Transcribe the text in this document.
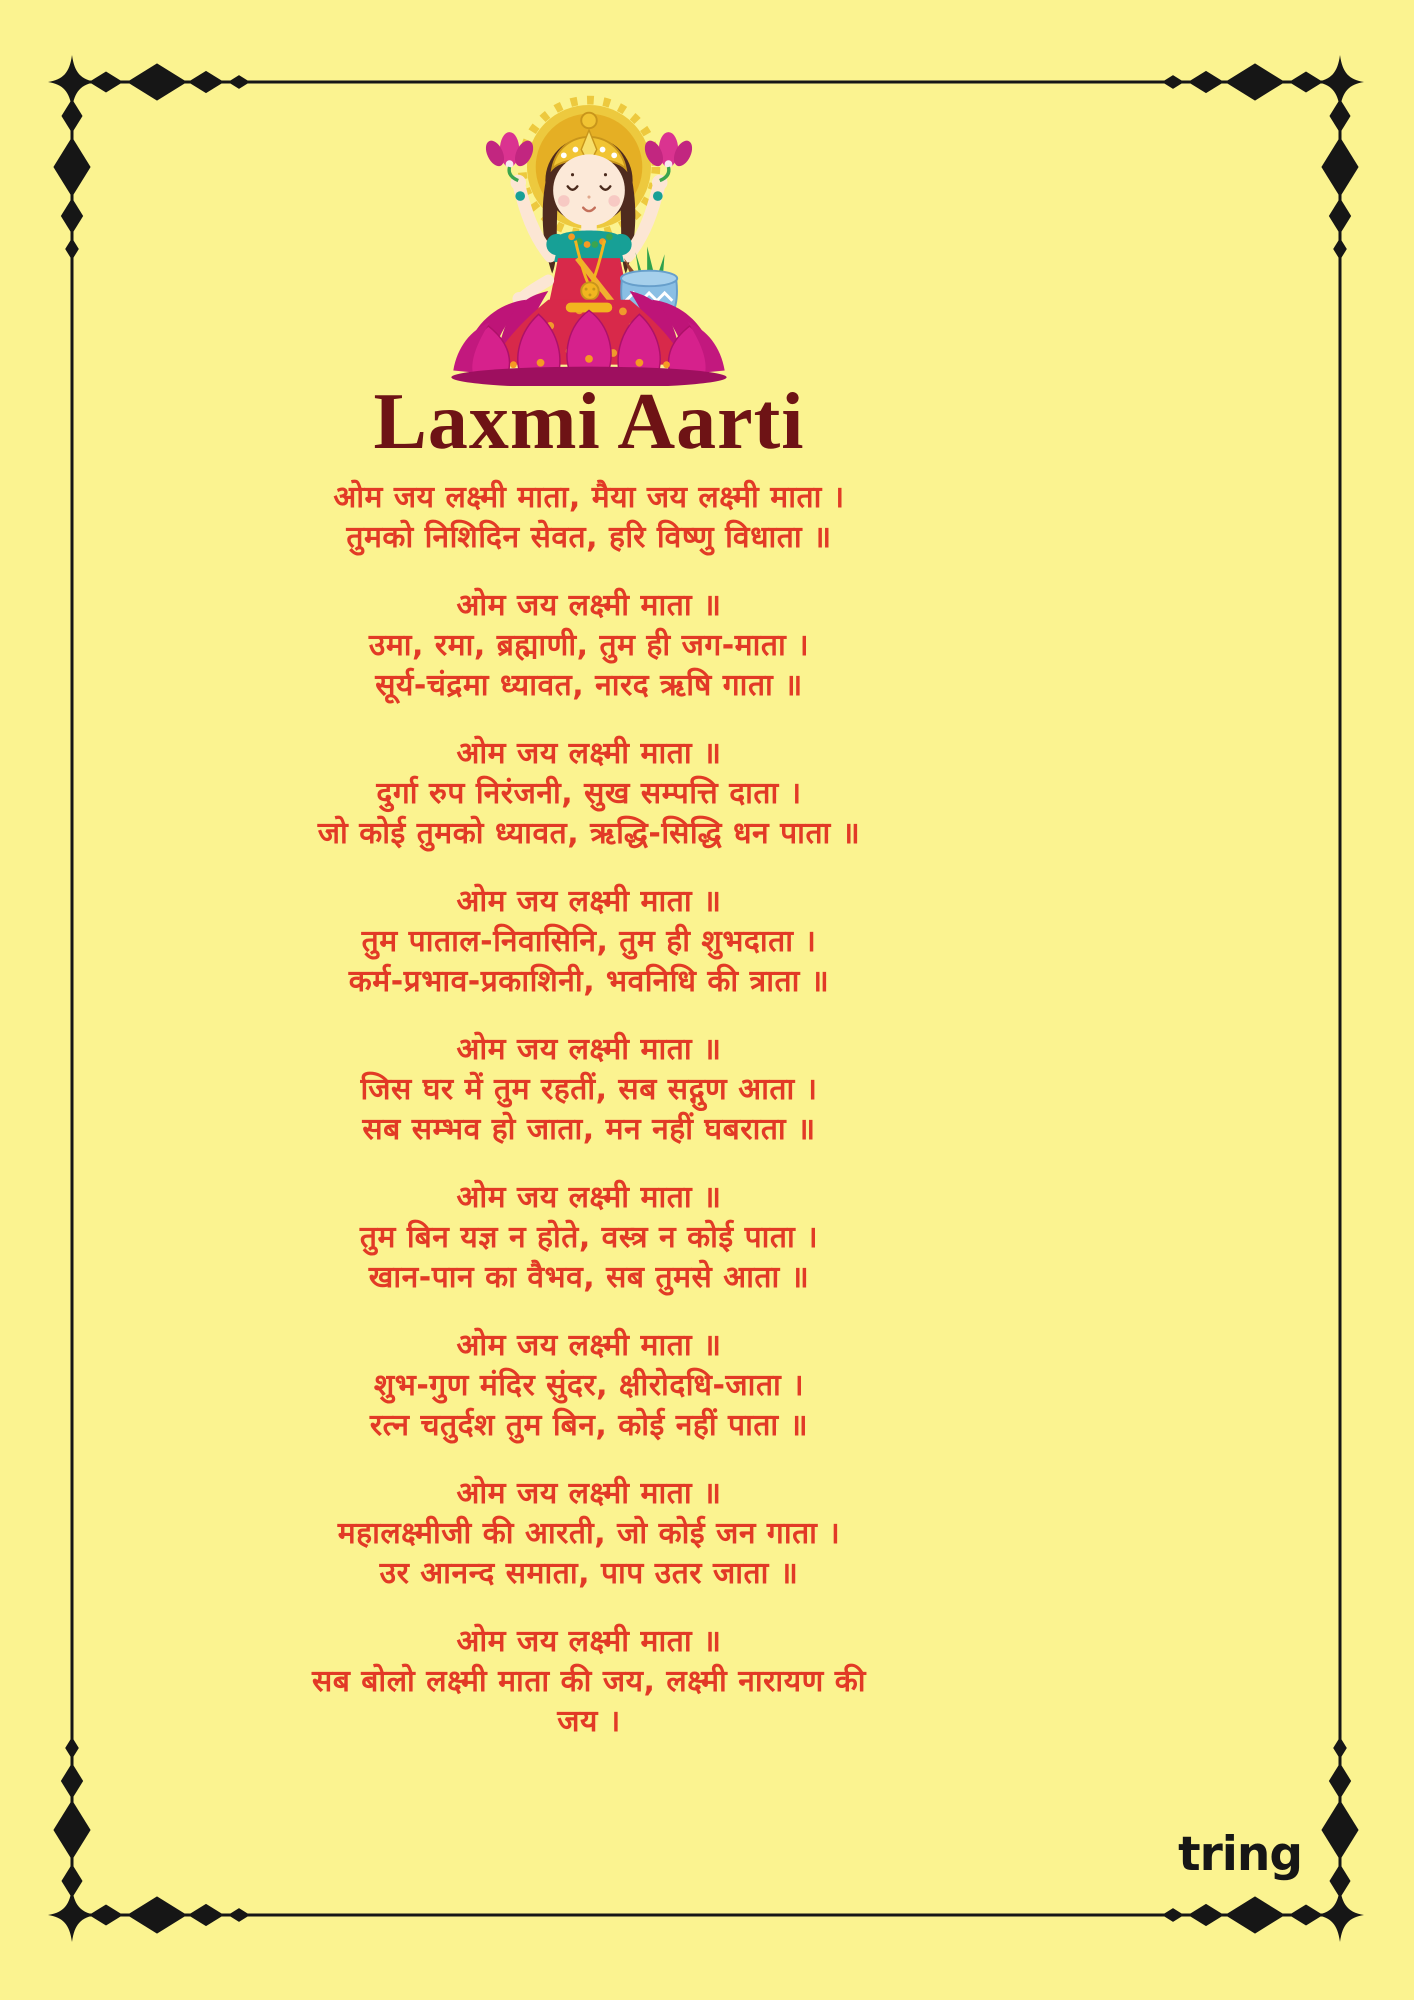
Laxmi Aarti
ओम जय लक्ष्मी माता, मैया जय लक्ष्मी माता ।
तुमको निशिदिन सेवत, हरि विष्णु विधाता ॥
ओम जय लक्ष्मी माता ॥
उमा, रमा, ब्रह्माणी, तुम ही जग-माता ।
सूर्य-चंद्रमा ध्यावत, नारद ऋषि गाता ॥
ओम जय लक्ष्मी माता ॥
दुर्गा रुप निरंजनी, सुख सम्पत्ति दाता ।
जो कोई तुमको ध्यावत, ऋद्धि-सिद्धि धन पाता ॥
ओम जय लक्ष्मी माता ॥
तुम पाताल-निवासिनि, तुम ही शुभदाता ।
कर्म-प्रभाव-प्रकाशिनी, भवनिधि की त्राता ॥
ओम जय लक्ष्मी माता ॥
जिस घर में तुम रहतीं, सब सद्गुण आता ।
सब सम्भव हो जाता, मन नहीं घबराता ॥
ओम जय लक्ष्मी माता ॥
तुम बिन यज्ञ न होते, वस्त्र न कोई पाता ।
खान-पान का वैभव, सब तुमसे आता ॥
ओम जय लक्ष्मी माता ॥
शुभ-गुण मंदिर सुंदर, क्षीरोदधि-जाता ।
रत्न चतुर्दश तुम बिन, कोई नहीं पाता ॥
ओम जय लक्ष्मी माता ॥
महालक्ष्मीजी की आरती, जो कोई जन गाता ।
उर आनन्द समाता, पाप उतर जाता ॥
ओम जय लक्ष्मी माता ॥
सब बोलो लक्ष्मी माता की जय, लक्ष्मी नारायण की
जय ।
tring
